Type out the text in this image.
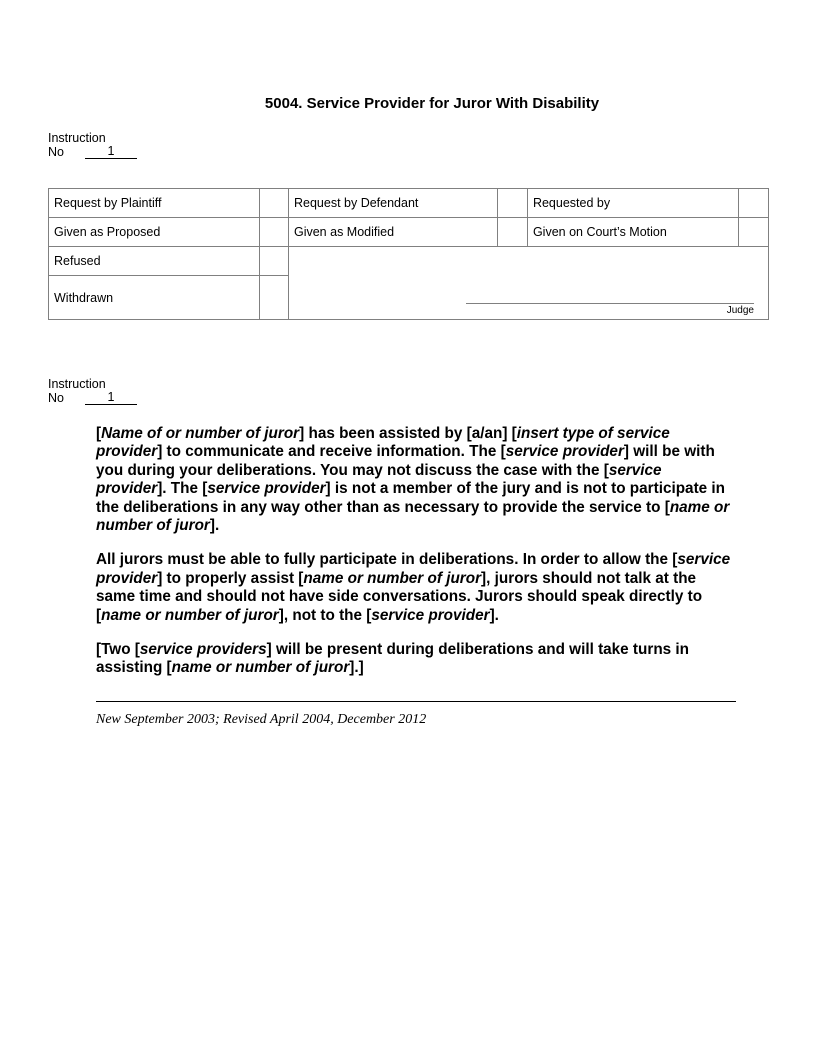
5004. Service Provider for Juror With Disability
Instruction
No	1
Request by Plaintiff		Request by Defendant		Requested by	
Given as Proposed		Given as Modified		Given on Court’s Motion	
Refused		Judge			

Withdrawn					
Instruction
No	1

[Name of or number of juror] has been assisted by [a/an] [insert type of service provider] to communicate and receive information. The [service provider] will be with you during your deliberations. You may not discuss the case with the [service provider]. The [service provider] is not a member of the jury and is not to participate in the deliberations in any way other than as necessary to provide the service to [name or number of juror].

All jurors must be able to fully participate in deliberations. In order to allow the [service provider] to properly assist [name or number of juror], jurors should not talk at the same time and should not have side conversations. Jurors should speak directly to [name or number of juror], not to the [service provider].

[Two [service providers] will be present during deliberations and will take turns in assisting [name or number of juror].]

New September 2003; Revised April 2004, December 2012
